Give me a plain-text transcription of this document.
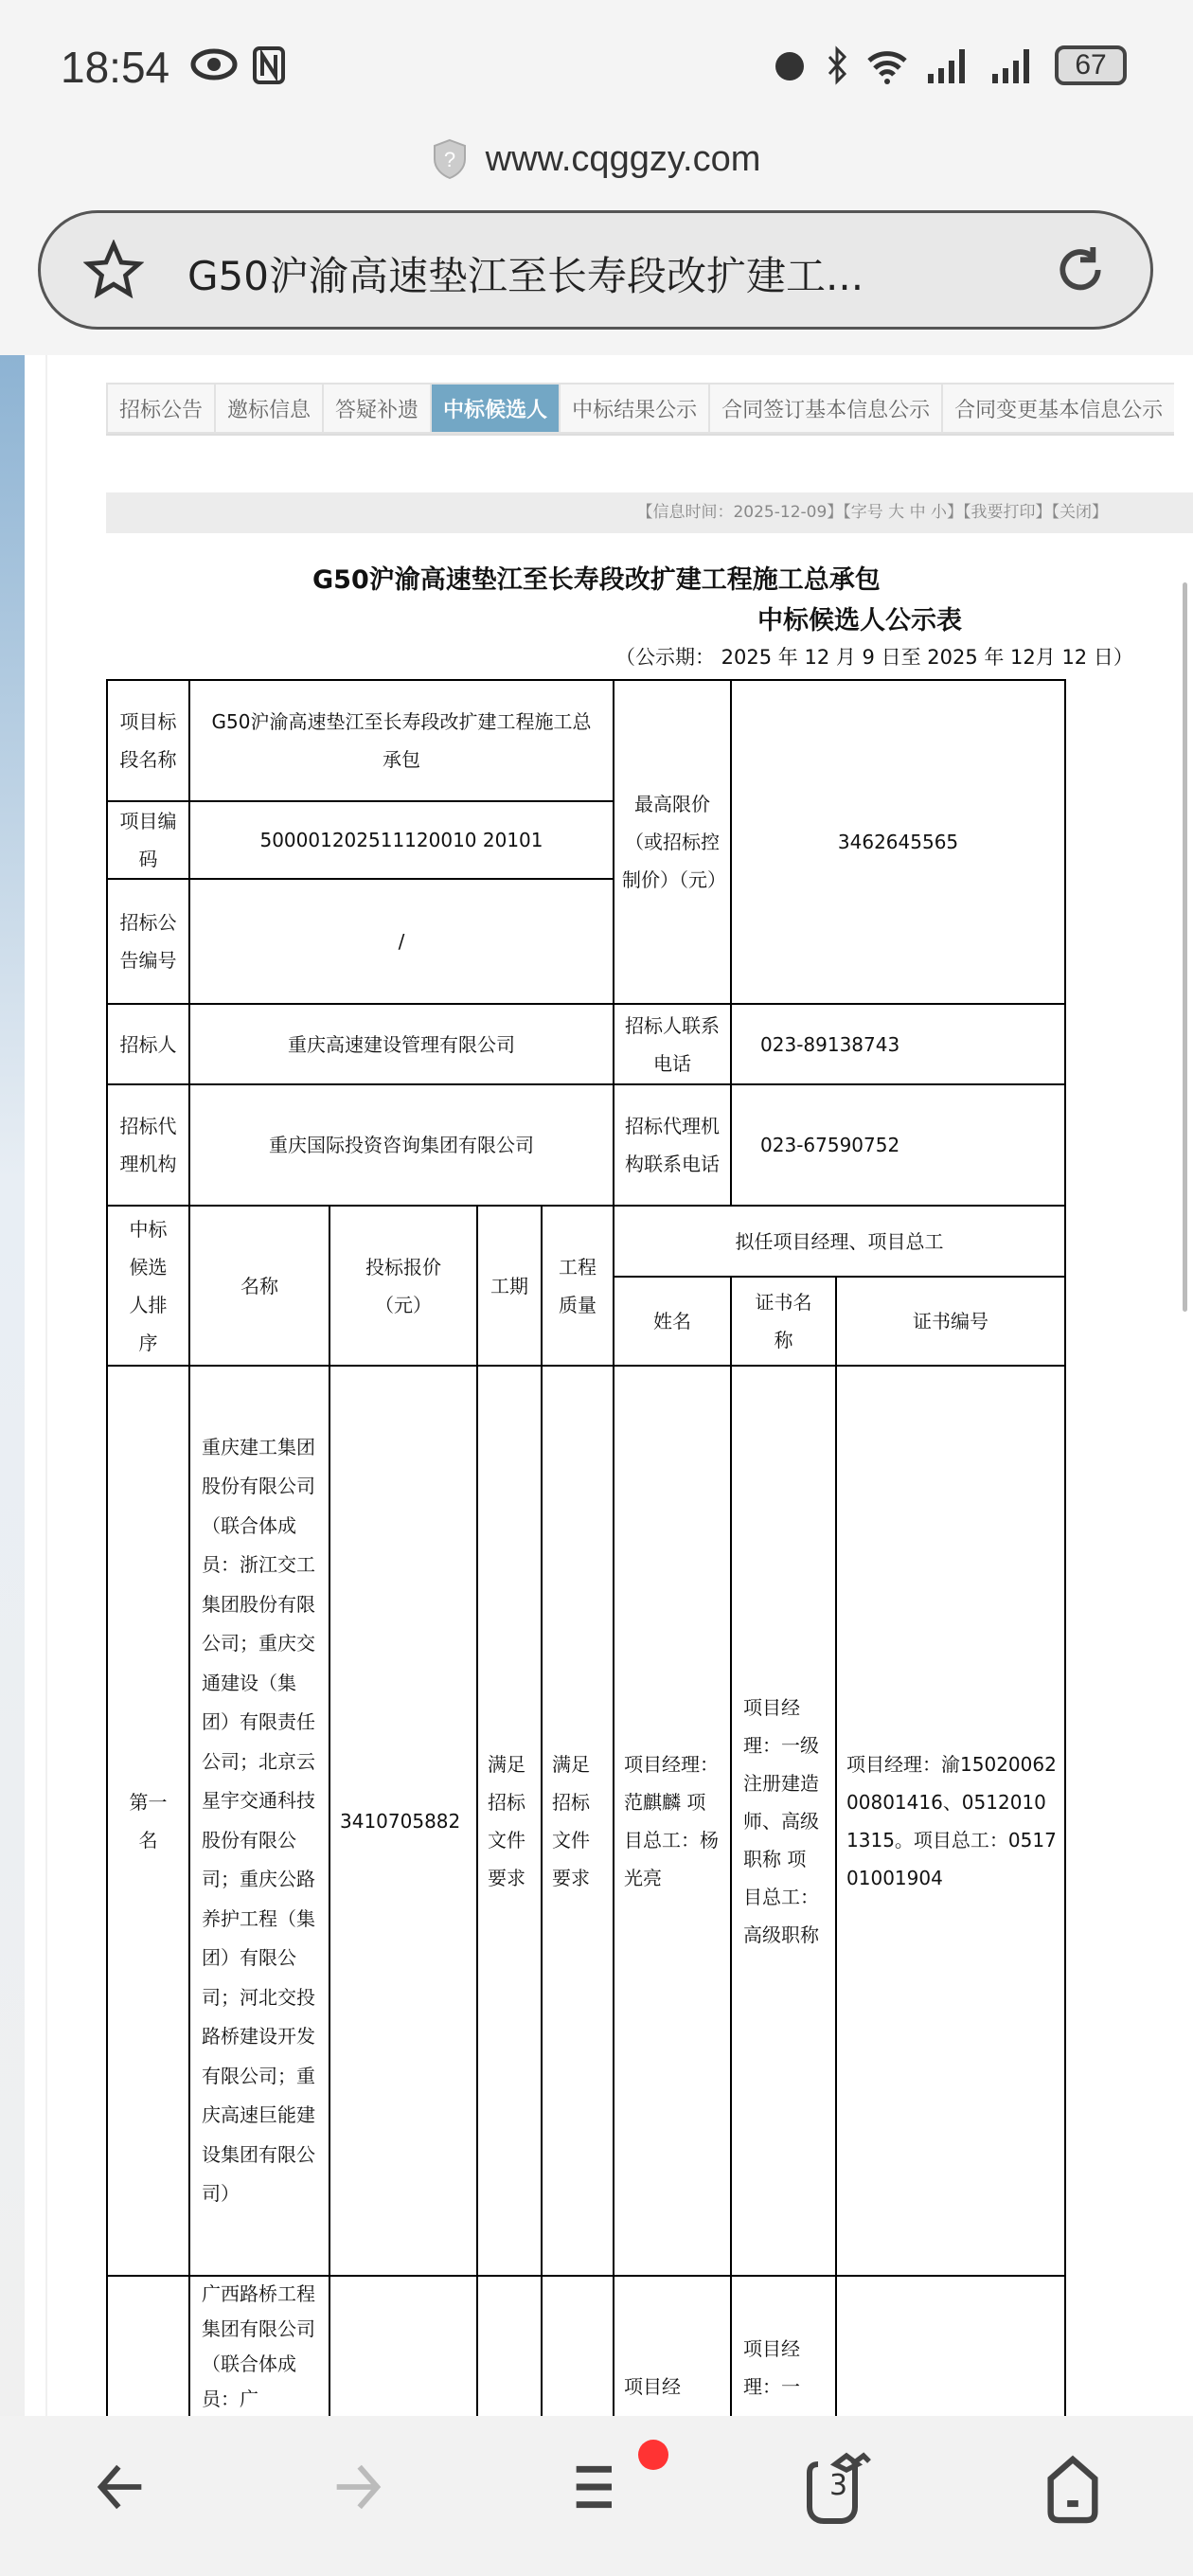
18:54	67
? www.cqggzy.com
G50沪渝高速垫江至长寿段改扩建工...
招标公告	邀标信息	答疑补遗	中标候选人	中标结果公示	合同签订基本信息公示	合同变更基本信息公示
【信息时间：2025-12-09】【字号 大 中 小】【我要打印】【关闭】
G50沪渝高速垫江至长寿段改扩建工程施工总承包
中标候选人公示表
（公示期： 2025 年 12 月 9 日至 2025 年 12月 12 日）
项目标段名称	G50沪渝高速垫江至长寿段改扩建工程施工总承包				最高限价（或招标控制价）（元）	3462645565	
项目编码	500001202511120010 20101						
招标公告编号	/						
招标人	重庆高速建设管理有限公司				招标人联系电话	023-89138743	
招标代理机构	重庆国际投资咨询集团有限公司				招标代理机构联系电话	023-67590752	
中标候选人排序	名称	投标报价（元）	工期	工程质量	拟任项目经理、项目总工		
					姓名	证书名称	证书编号
第一名	重庆建工集团股份有限公司（联合体成员：浙江交工集团股份有限公司；重庆交通建设（集团）有限责任公司；北京云星宇交通科技股份有限公司；重庆公路养护工程（集团）有限公司；河北交投路桥建设开发有限公司；重庆高速巨能建设集团有限公司）	3410705882	满足招标文件要求	满足招标文件要求	项目经理：范麒麟 项目总工：杨光亮	项目经理：一级注册建造师、高级职称 项目总工：高级职称	项目经理：渝1502006200801416、05120101315。项目总工：051701001904
	广西路桥工程集团有限公司（联合体成员：广				项目经	项目经理：一	
3
